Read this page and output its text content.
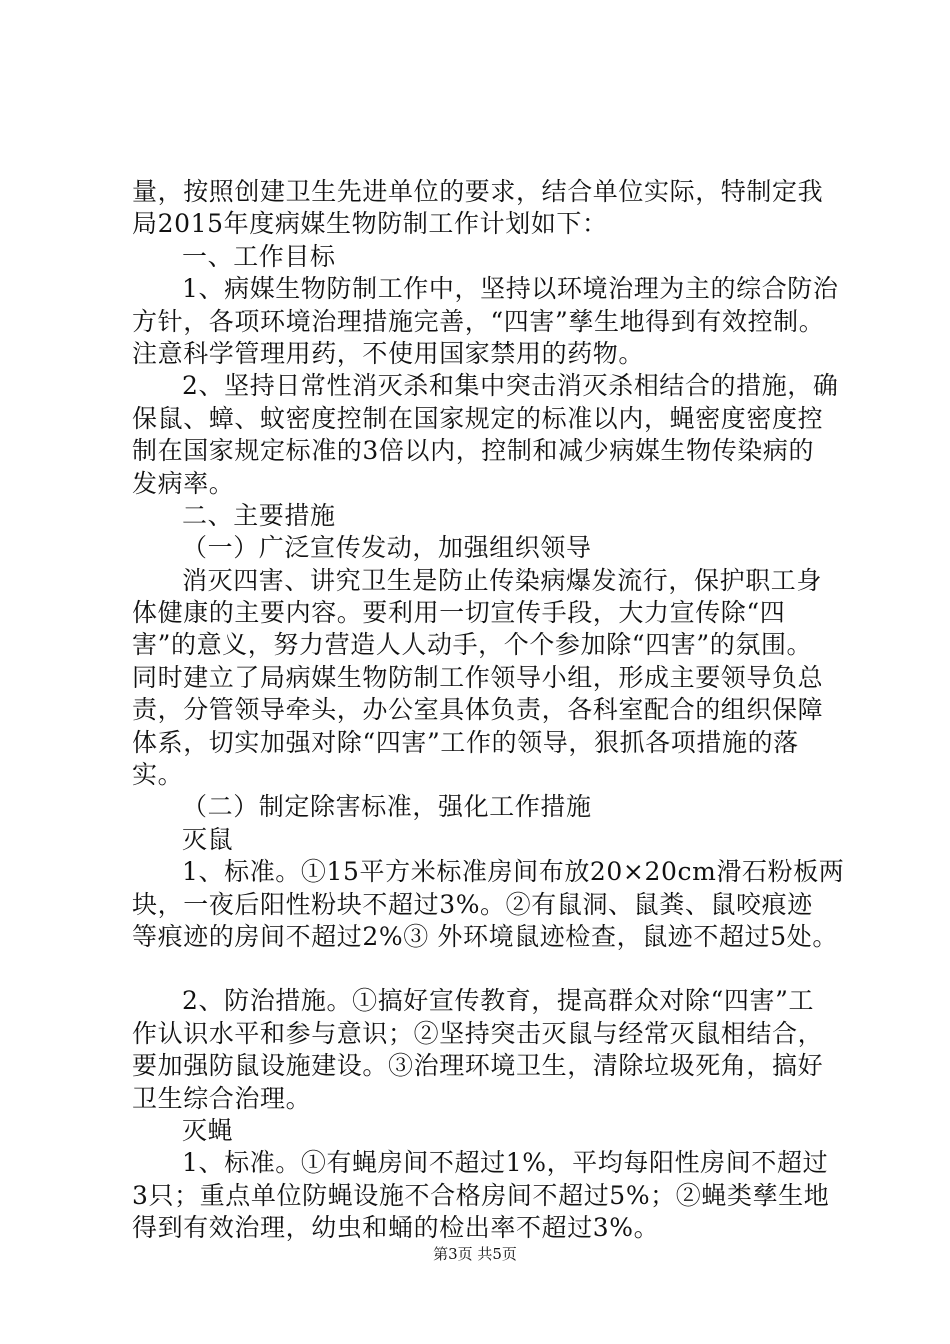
量，按照创建卫生先进单位的要求，结合单位实际，特制定我
局2015年度病媒生物防制工作计划如下：
一、工作目标
1、病媒生物防制工作中，坚持以环境治理为主的综合防治
方针，各项环境治理措施完善，“四害”孳生地得到有效控制。
注意科学管理用药，不使用国家禁用的药物。
2、坚持日常性消灭杀和集中突击消灭杀相结合的措施，确
保鼠、蟑、蚊密度控制在国家规定的标准以内，蝇密度密度控
制在国家规定标准的3倍以内，控制和减少病媒生物传染病的
发病率。
二、主要措施
（一）广泛宣传发动，加强组织领导
消灭四害、讲究卫生是防止传染病爆发流行，保护职工身
体健康的主要内容。要利用一切宣传手段，大力宣传除“四
害”的意义，努力营造人人动手，个个参加除“四害”的氛围。
同时建立了局病媒生物防制工作领导小组，形成主要领导负总
责，分管领导牵头，办公室具体负责，各科室配合的组织保障
体系，切实加强对除“四害”工作的领导，狠抓各项措施的落
实。
（二）制定除害标准，强化工作措施
灭鼠
1、标准。①15平方米标准房间布放20×20cm滑石粉板两
块，一夜后阳性粉块不超过3%。②有鼠洞、鼠粪、鼠咬痕迹
等痕迹的房间不超过2%③ 外环境鼠迹检查，鼠迹不超过5处。
2、防治措施。①搞好宣传教育，提高群众对除“四害”工
作认识水平和参与意识；②坚持突击灭鼠与经常灭鼠相结合，
要加强防鼠设施建设。③治理环境卫生，清除垃圾死角，搞好
卫生综合治理。
灭蝇
1、标准。①有蝇房间不超过1%，平均每阳性房间不超过
3只；重点单位防蝇设施不合格房间不超过5%；②蝇类孳生地
得到有效治理，幼虫和蛹的检出率不超过3%。
第3页 共5页
